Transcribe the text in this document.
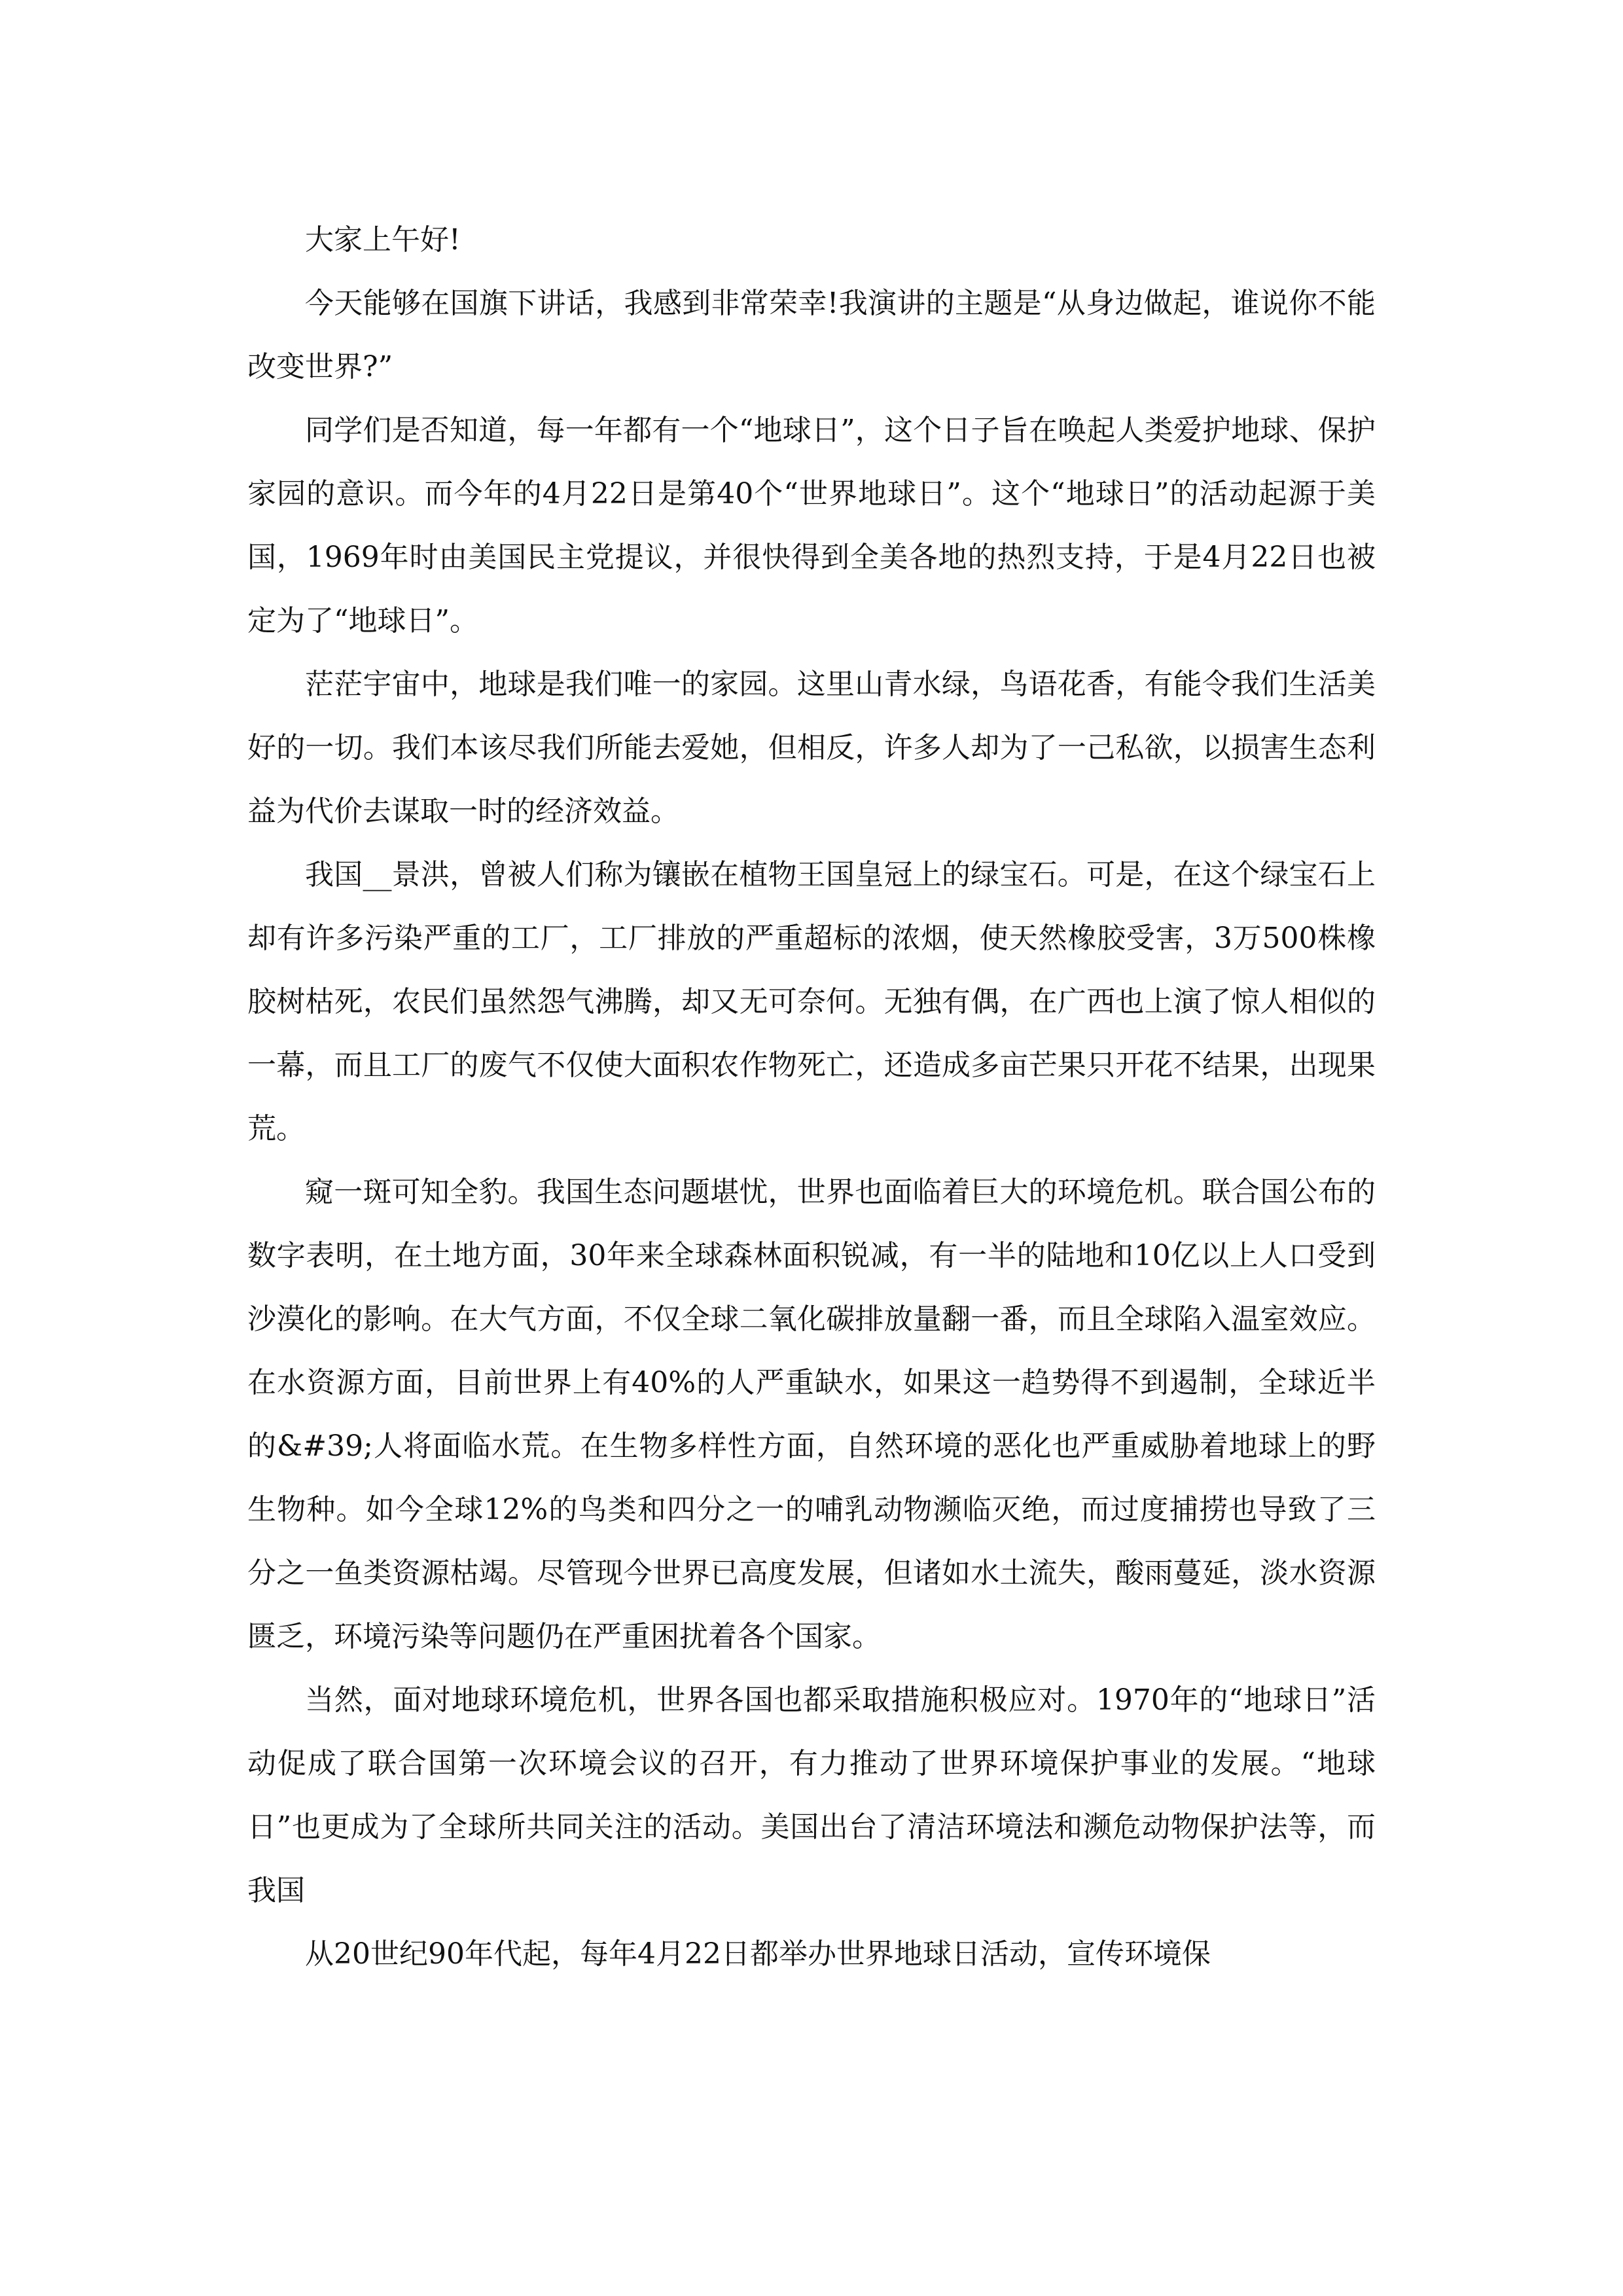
大家上午好!

今天能够在国旗下讲话，我感到非常荣幸!我演讲的主题是“从身边做起，谁说你不能改变世界?”

同学们是否知道，每一年都有一个“地球日”，这个日子旨在唤起人类爱护地球、保护家园的意识。而今年的4月22日是第40个“世界地球日”。这个“地球日”的活动起源于美国，1969年时由美国民主党提议，并很快得到全美各地的热烈支持，于是4月22日也被定为了“地球日”。

茫茫宇宙中，地球是我们唯一的家园。这里山青水绿，鸟语花香，有能令我们生活美好的一切。我们本该尽我们所能去爱她，但相反，许多人却为了一己私欲，以损害生态利益为代价去谋取一时的经济效益。

我国__景洪，曾被人们称为镶嵌在植物王国皇冠上的绿宝石。可是，在这个绿宝石上却有许多污染严重的工厂，工厂排放的严重超标的浓烟，使天然橡胶受害，3万500株橡胶树枯死，农民们虽然怨气沸腾，却又无可奈何。无独有偶，在广西也上演了惊人相似的一幕，而且工厂的废气不仅使大面积农作物死亡，还造成多亩芒果只开花不结果，出现果荒。

窥一斑可知全豹。我国生态问题堪忧，世界也面临着巨大的环境危机。联合国公布的数字表明，在土地方面，30年来全球森林面积锐减，有一半的陆地和10亿以上人口受到沙漠化的影响。在大气方面，不仅全球二氧化碳排放量翻一番，而且全球陷入温室效应。在水资源方面，目前世界上有40%的人严重缺水，如果这一趋势得不到遏制，全球近半的&#39;人将面临水荒。在生物多样性方面，自然环境的恶化也严重威胁着地球上的野生物种。如今全球12%的鸟类和四分之一的哺乳动物濒临灭绝，而过度捕捞也导致了三分之一鱼类资源枯竭。尽管现今世界已高度发展，但诸如水土流失，酸雨蔓延，淡水资源匮乏，环境污染等问题仍在严重困扰着各个国家。

当然，面对地球环境危机，世界各国也都采取措施积极应对。1970年的“地球日”活动促成了联合国第一次环境会议的召开，有力推动了世界环境保护事业的发展。“地球日”也更成为了全球所共同关注的活动。美国出台了清洁环境法和濒危动物保护法等，而我国

从20世纪90年代起，每年4月22日都举办世界地球日活动，宣传环境保
